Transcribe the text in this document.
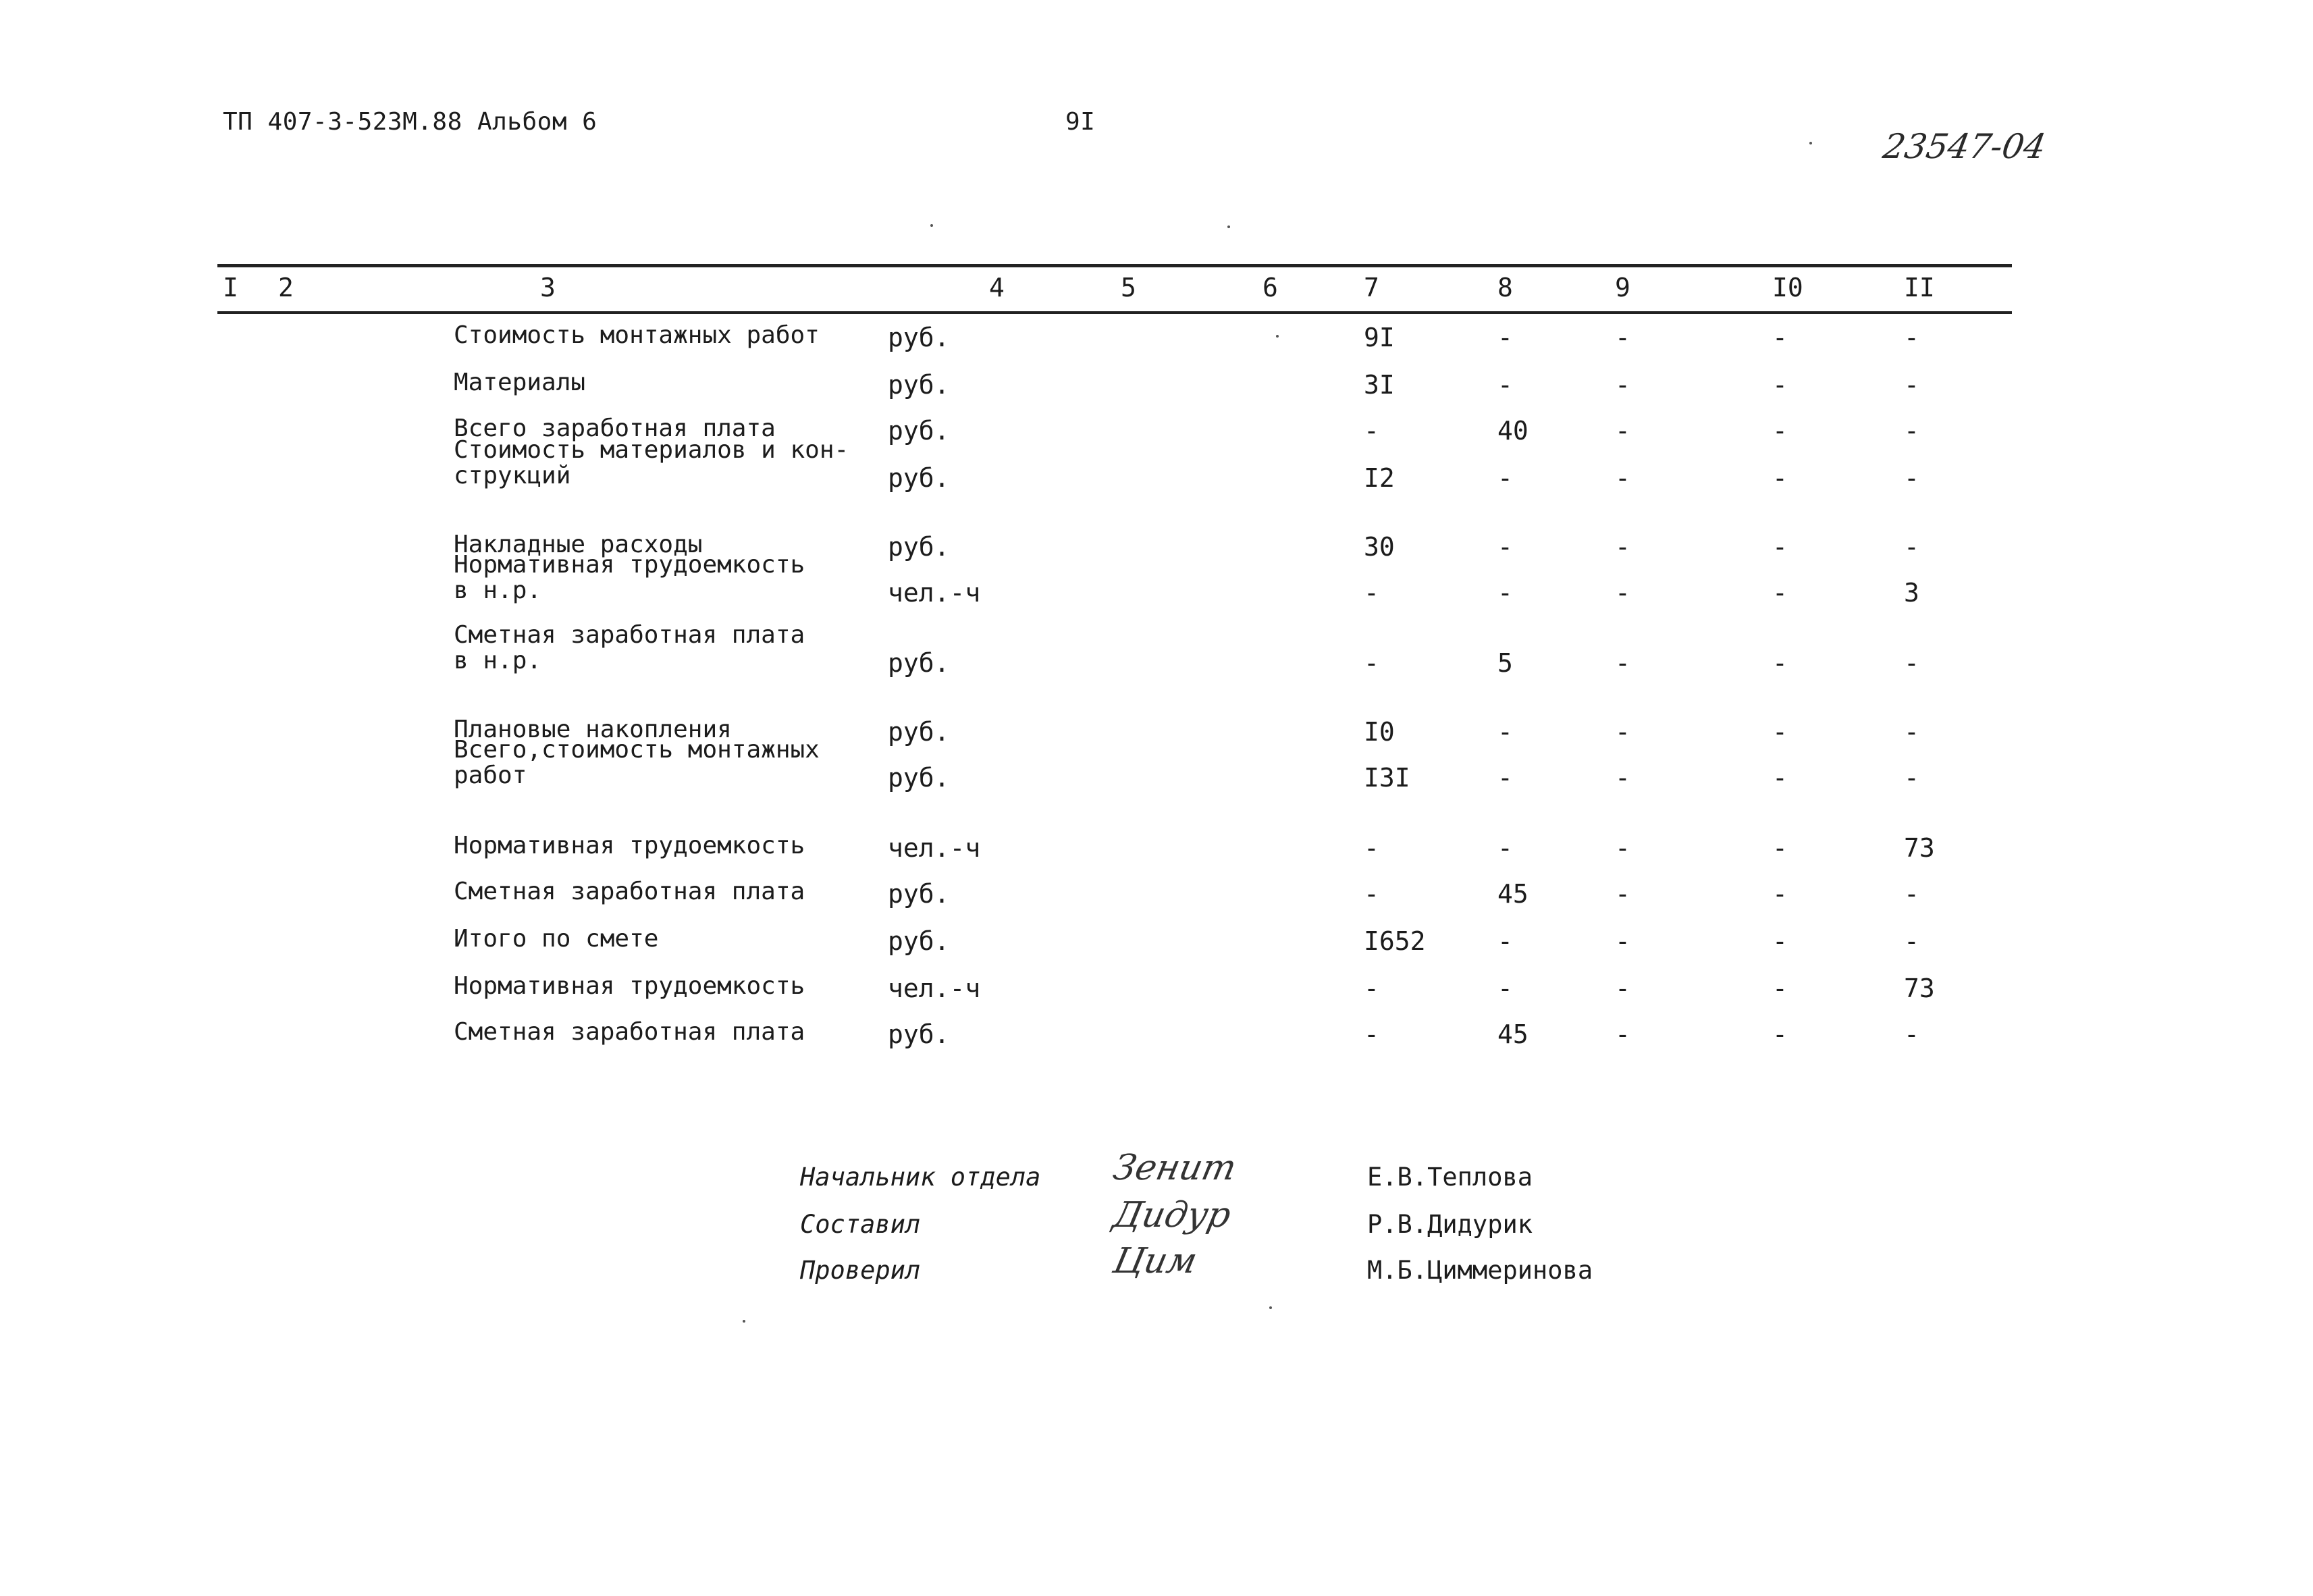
ТП 407-3-523М.88 Альбом 6	9I
23547-04
I 2	3	4	5	6	7	8	9	I0	II
Стоимость монтажных работ	руб.	9I	-	-	-	-
Материалы	руб.	3I	-	-	-	-
Всего заработная плата	руб.	-	40	-	-	-
Стоимость материалов и кон-
струкций	руб.	I2	-	-	-	-
Накладные расходы	руб.	30	-	-	-	-
Нормативная трудоемкость
в н.р.	чел.-ч	-	-	-	-	3
Сметная заработная плата
в н.р.	руб.	-	5	-	-	-
Плановые накопления	руб.	I0	-	-	-	-
Всего,стоимость монтажных
работ	руб.	I3I	-	-	-	-
Нормативная трудоемкость	чел.-ч	-	-	-	-	73
Сметная заработная плата	руб.	-	45	-	-	-
Итого по смете	руб.	I652	-	-	-	-
Нормативная трудоемкость	чел.-ч	-	-	-	-	73
Сметная заработная плата	руб.	-	45	-	-	-
Начальник отдела Зенит	Е.В.Теплова
Составил	Дидур	Р.В.Дидурик
Проверил	Цим	М.Б.Циммеринова
